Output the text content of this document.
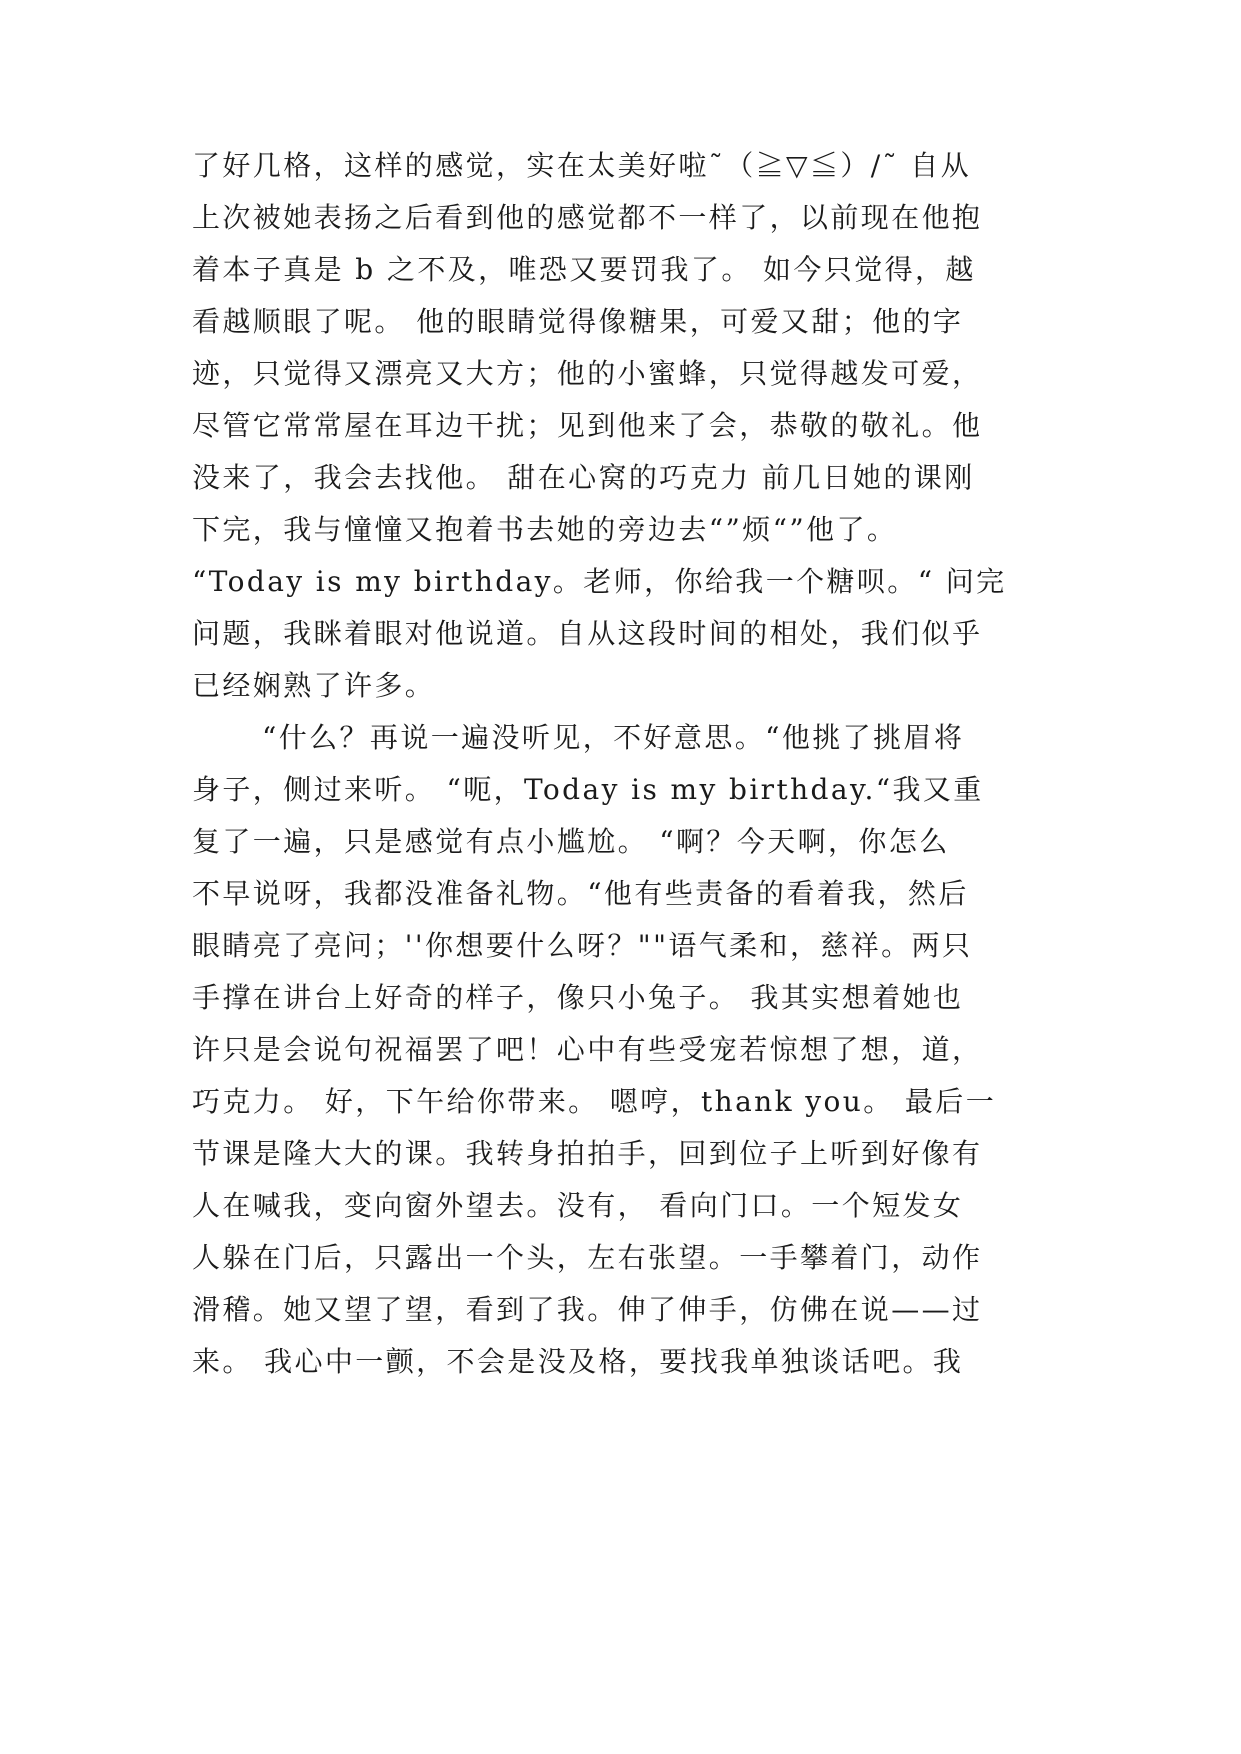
了好几格，这样的感觉，实在太美好啦˜（≧▽≦）/˜ 自从
上次被她表扬之后看到他的感觉都不一样了，以前现在他抱
着本子真是 b 之不及，唯恐又要罚我了。 如今只觉得，越
看越顺眼了呢。 他的眼睛觉得像糖果，可爱又甜；他的字
迹，只觉得又漂亮又大方；他的小蜜蜂，只觉得越发可爱，
尽管它常常屋在耳边干扰；见到他来了会，恭敬的敬礼。他
没来了，我会去找他。 甜在心窝的巧克力 前几日她的课刚
下完，我与憧憧又抱着书去她的旁边去“”烦“”他了。
“Today is my birthday。老师，你给我一个糖呗。“ 问完
问题，我眯着眼对他说道。自从这段时间的相处，我们似乎
已经娴熟了许多。
“什么？再说一遍没听见，不好意思。“他挑了挑眉将
身子，侧过来听。 “呃，Today is my birthday.“我又重
复了一遍，只是感觉有点小尴尬。 “啊？今天啊，你怎么
不早说呀，我都没准备礼物。“他有些责备的看着我，然后
眼睛亮了亮问；''你想要什么呀？""语气柔和，慈祥。两只
手撑在讲台上好奇的样子，像只小兔子。 我其实想着她也
许只是会说句祝福罢了吧！心中有些受宠若惊想了想，道，
巧克力。 好，下午给你带来。 嗯哼，thank you。 最后一
节课是隆大大的课。我转身拍拍手，回到位子上听到好像有
人在喊我，变向窗外望去。没有， 看向门口。一个短发女
人躲在门后，只露出一个头，左右张望。一手攀着门，动作
滑稽。她又望了望，看到了我。伸了伸手，仿佛在说——过
来。 我心中一颤，不会是没及格，要找我单独谈话吧。我
